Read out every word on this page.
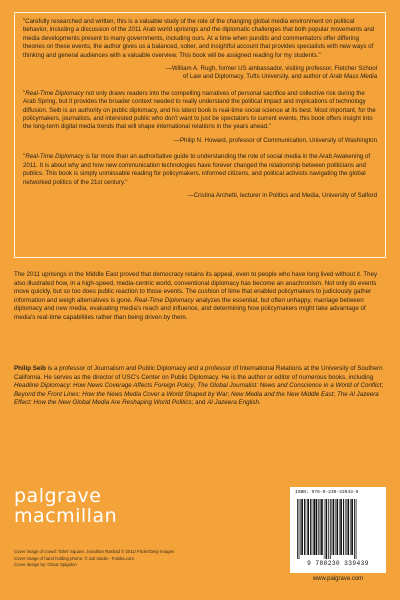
"Carefully researched and written, this is a valuable study of the role of the changing global media environment on political behavior, including a discussion of the 2011 Arab world uprisings and the diplomatic challenges that both popular movements and media developments present to many governments, including ours. At a time when pundits and commentators offer differing theories on these events, the author gives us a balanced, sober, and insightful account that provides specialists with new ways of thinking and general audiences with a valuable overview. This book will be assigned reading for my students."

—William A. Rugh, former US ambassador, visiting professor, Fletcher School
of Law and Diplomacy, Tufts University, and author of Arab Mass Media

"Real-Time Diplomacy not only draws readers into the compelling narratives of personal sacrifice and collective risk during the Arab Spring, but it provides the broader context needed to really understand the political impact and implications of technology diffusion. Seib is an authority on public diplomacy, and his latest book is real-time social science at its best. Most important, for the policymakers, journalists, and interested public who don't want to just be spectators to current events, this book offers insight into the long-term digital media trends that will shape international relations in the years ahead."

—Philip N. Howard, professor of Communication, University of Washington

"Real-Time Diplomacy is far more than an authoritative guide to understanding the role of social media in the Arab Awakening of 2011. It is about why and how new communication technologies have forever changed the relationship between politicians and publics. This book is simply unmissable reading for policymakers, informed citizens, and political activists navigating the global networked politics of the 21st century."

—Cristina Archetti, lecturer in Politics and Media, University of Salford

The 2011 uprisings in the Middle East proved that democracy retains its appeal, even to people who have long lived without it. They also illustrated how, in a high-speed, media-centric world, conventional diplomacy has become an anachronism. Not only do events move quickly, but so too does public reaction to those events. The cushion of time that enabled policymakers to judiciously gather information and weigh alternatives is gone. Real-Time Diplomacy analyzes the essential, but often unhappy, marriage between diplomacy and new media, evaluating media's reach and influence, and determining how policymakers might take advantage of media's real-time capabilities rather than being driven by them.

Philip Seib is a professor of Journalism and Public Diplomacy and a professor of International Relations at the University of Southern California. He serves as the director of USC's Center on Public Diplomacy. He is the author or editor of numerous books, including Headline Diplomacy: How News Coverage Affects Foreign Policy; The Global Journalist: News and Conscience in a World of Conflict; Beyond the Front Lines: How the News Media Cover a World Shaped by War; New Media and the New Middle East; The Al Jazeera Effect: How the New Global Media Are Reshaping World Politics; and Al Jazeera English.

palgrave
macmillan
Cover image of crowd: Tahrir Square, Jonathan Rashad © 2011/ Flickr/Getty Images
Cover image of hand holding phone: © raZ studio - Fotolia.com
Cover design by: Oscar Spigolon
ISBN: 978-0-230-33943-9
9 780230 339439
www.palgrave.com
